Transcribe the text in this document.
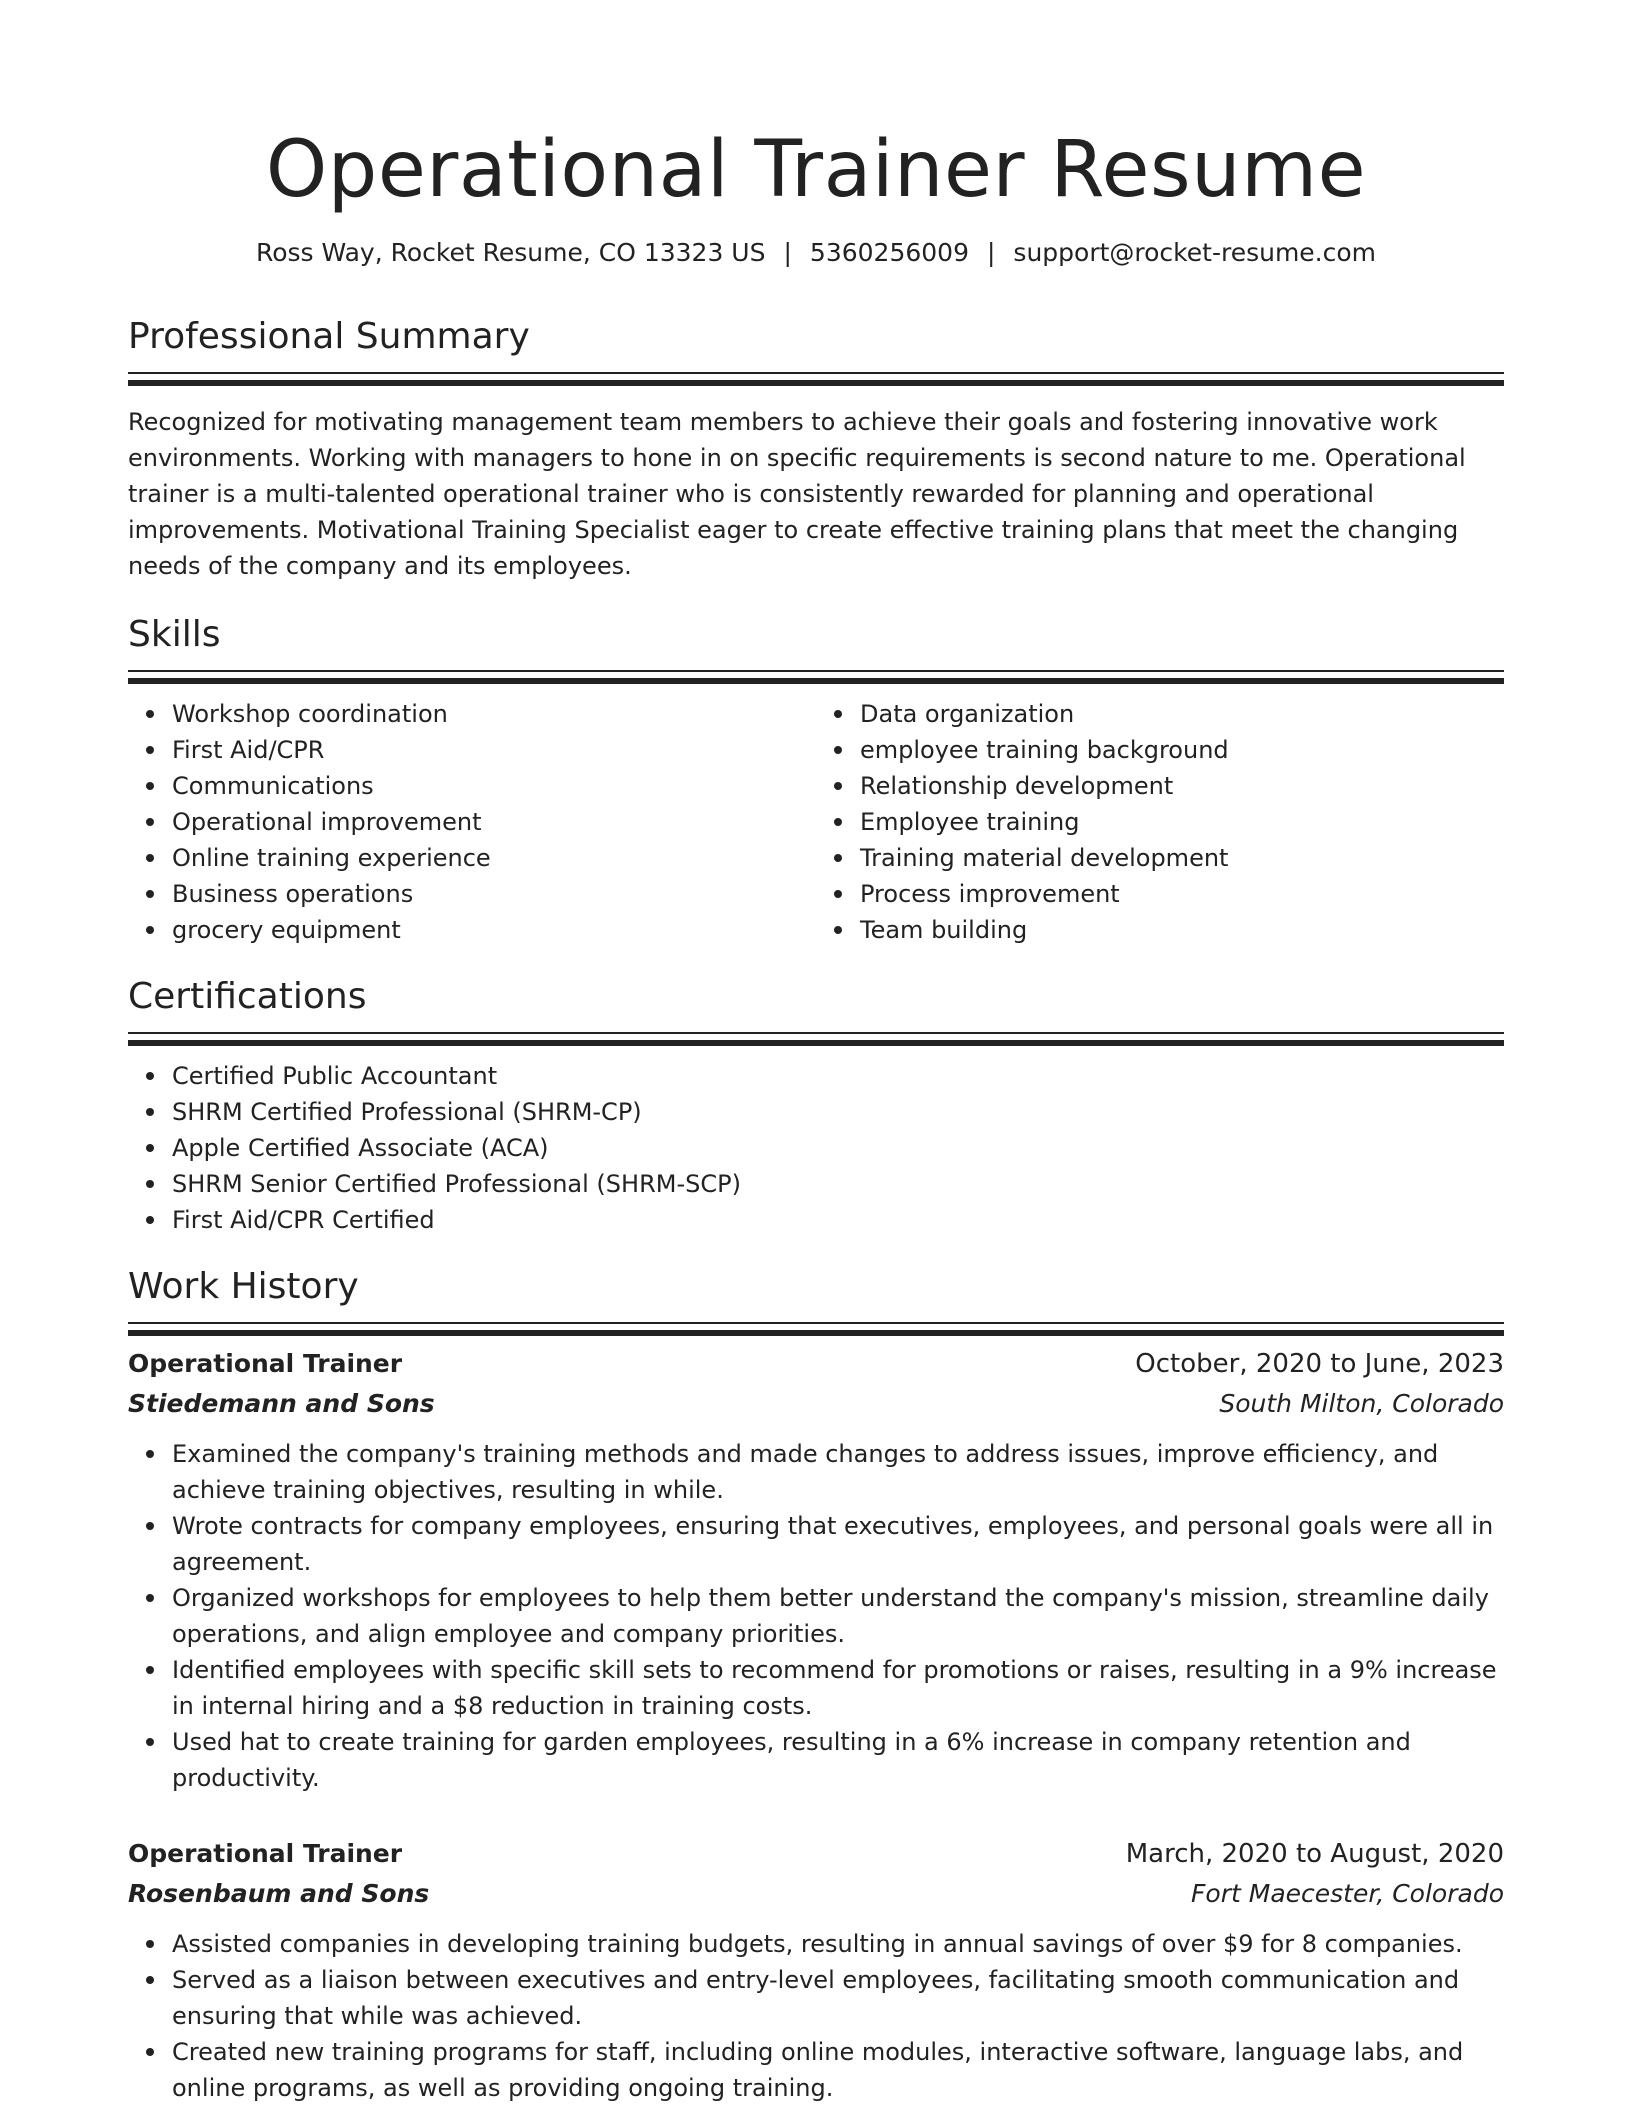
Operational Trainer Resume
Ross Way, Rocket Resume, CO 13323 US | 5360256009 | support@rocket-resume.com
Professional Summary

Recognized for motivating management team members to achieve their goals and fostering innovative work environments. Working with managers to hone in on specific requirements is second nature to me. Operational trainer is a multi-talented operational trainer who is consistently rewarded for planning and operational improvements. Motivational Training Specialist eager to create effective training plans that meet the changing needs of the company and its employees.

Skills
Workshop coordination
First Aid/CPR
Communications
Operational improvement
Online training experience
Business operations
grocery equipment
Data organization
employee training background
Relationship development
Employee training
Training material development
Process improvement
Team building
Certifications
Certified Public Accountant
SHRM Certified Professional (SHRM-CP)
Apple Certified Associate (ACA)
SHRM Senior Certified Professional (SHRM-SCP)
First Aid/CPR Certified
Work History
Operational Trainer	October, 2020 to June, 2023
Stiedemann and Sons	South Milton, Colorado
Examined the company's training methods and made changes to address issues, improve efficiency, and achieve training objectives, resulting in while.
Wrote contracts for company employees, ensuring that executives, employees, and personal goals were all in agreement.
Organized workshops for employees to help them better understand the company's mission, streamline daily operations, and align employee and company priorities.
Identified employees with specific skill sets to recommend for promotions or raises, resulting in a 9% increase in internal hiring and a $8 reduction in training costs.
Used hat to create training for garden employees, resulting in a 6% increase in company retention and productivity.
Operational Trainer	March, 2020 to August, 2020
Rosenbaum and Sons	Fort Maecester, Colorado
Assisted companies in developing training budgets, resulting in annual savings of over $9 for 8 companies.
Served as a liaison between executives and entry-level employees, facilitating smooth communication and ensuring that while was achieved.
Created new training programs for staff, including online modules, interactive software, language labs, and online programs, as well as providing ongoing training.
